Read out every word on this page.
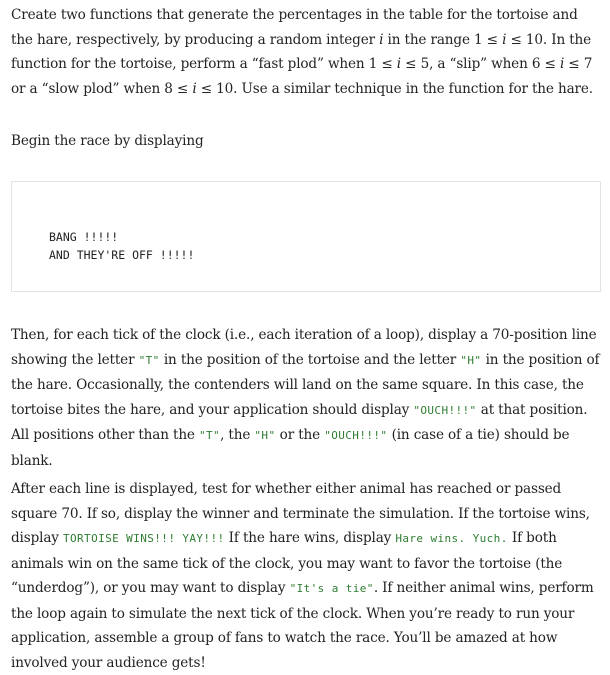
Create two functions that generate the percentages in the table for the tortoise and the hare, respectively, by producing a random integer i in the range 1 ≤ i ≤ 10. In the function for the tortoise, perform a “fast plod” when 1 ≤ i ≤ 5, a “slip” when 6 ≤ i ≤ 7 or a “slow plod” when 8 ≤ i ≤ 10. Use a similar technique in the function for the hare.

Begin the race by displaying

BANG !!!!!
AND THEY'RE OFF !!!!!

Then, for each tick of the clock (i.e., each iteration of a loop), display a 70-position line showing the letter "T" in the position of the tortoise and the letter "H" in the position of the hare. Occasionally, the contenders will land on the same square. In this case, the tortoise bites the hare, and your application should display "OUCH!!!" at that position. All positions other than the "T", the "H" or the "OUCH!!!" (in case of a tie) should be blank.

After each line is displayed, test for whether either animal has reached or passed square 70. If so, display the winner and terminate the simulation. If the tortoise wins, display TORTOISE WINS!!! YAY!!! If the hare wins, display Hare wins. Yuch. If both animals win on the same tick of the clock, you may want to favor the tortoise (the “underdog”), or you may want to display "It's a tie". If neither animal wins, perform the loop again to simulate the next tick of the clock. When you’re ready to run your application, assemble a group of fans to watch the race. You’ll be amazed at how involved your audience gets!
